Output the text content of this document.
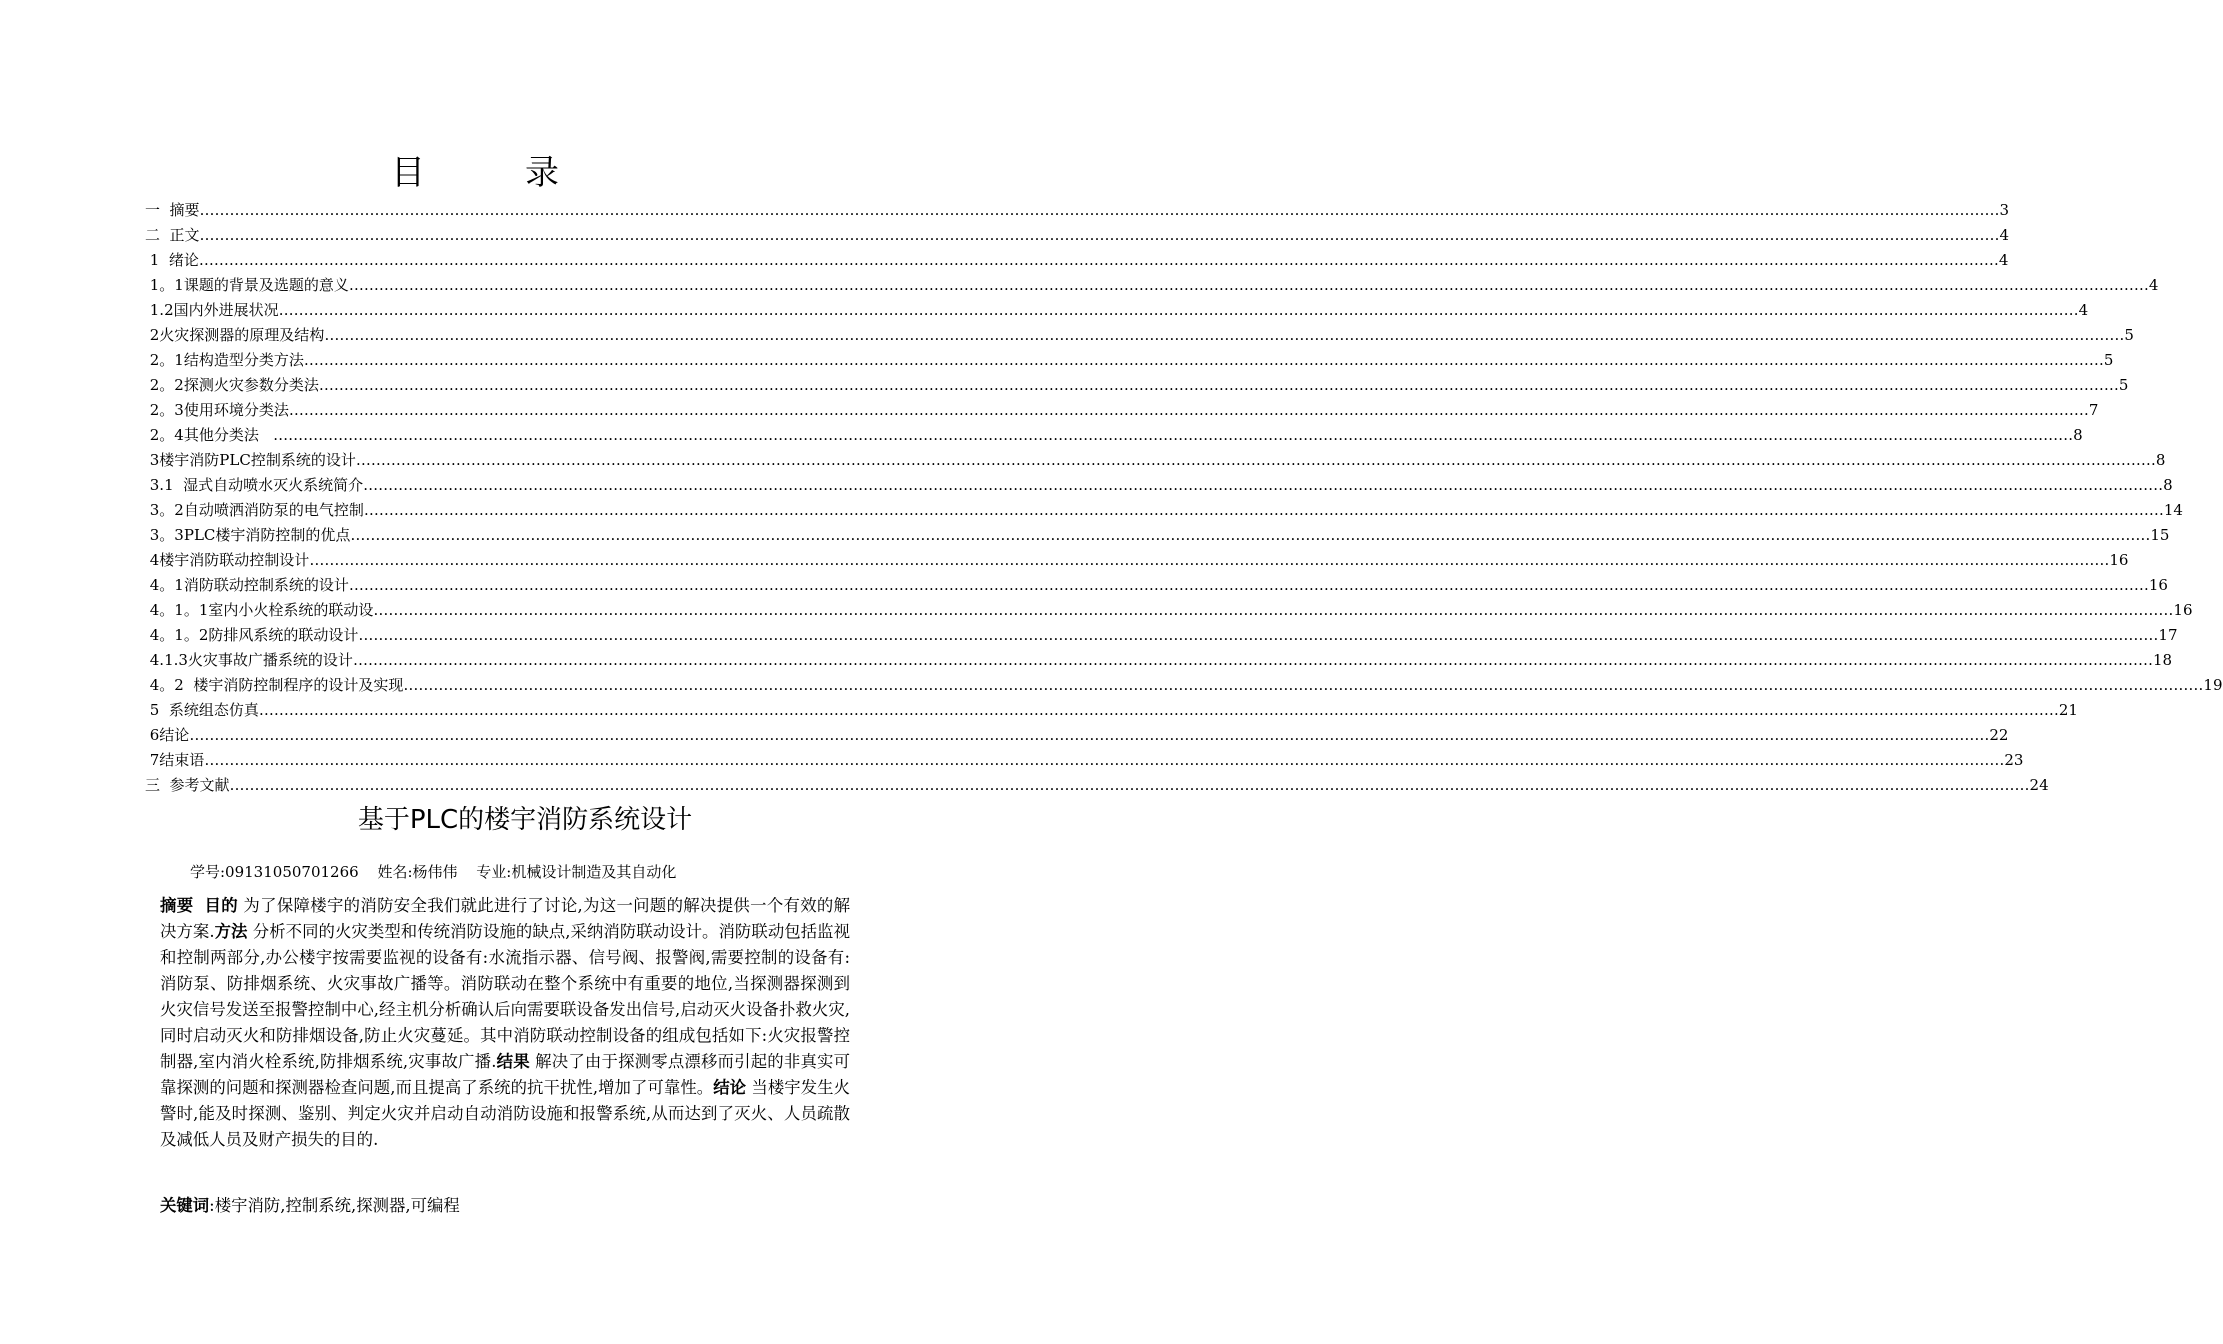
目录
一  摘要 ……………………………………………………………………………………………………………………………………………………………………………………………………………………………………………………………………………………………………………………………… 3
二  正文 ……………………………………………………………………………………………………………………………………………………………………………………………………………………………………………………………………………………………………………………………… 4
1  绪论 ……………………………………………………………………………………………………………………………………………………………………………………………………………………………………………………………………………………………………………………………… 4
1。1课题的背景及选题的意义 ……………………………………………………………………………………………………………………………………………………………………………………………………………………………………………………………………………………………………………………………… 4
1.2国内外进展状况 ……………………………………………………………………………………………………………………………………………………………………………………………………………………………………………………………………………………………………………………………… 4
2火灾探测器的原理及结构 ……………………………………………………………………………………………………………………………………………………………………………………………………………………………………………………………………………………………………………………………… 5
2。1结构造型分类方法 ……………………………………………………………………………………………………………………………………………………………………………………………………………………………………………………………………………………………………………………………… 5
2。2探测火灾参数分类法 ……………………………………………………………………………………………………………………………………………………………………………………………………………………………………………………………………………………………………………………………… 5
2。3使用环境分类法 ……………………………………………………………………………………………………………………………………………………………………………………………………………………………………………………………………………………………………………………………… 7
2。4其他分类法 ……………………………………………………………………………………………………………………………………………………………………………………………………………………………………………………………………………………………………………………………… 8
3楼宇消防PLC控制系统的设计 ……………………………………………………………………………………………………………………………………………………………………………………………………………………………………………………………………………………………………………………………… 8
3.1  湿式自动喷水灭火系统简介 ……………………………………………………………………………………………………………………………………………………………………………………………………………………………………………………………………………………………………………………………… 8
3。2自动喷洒消防泵的电气控制 ……………………………………………………………………………………………………………………………………………………………………………………………………………………………………………………………………………………………………………………………… 14
3。3PLC楼宇消防控制的优点 ……………………………………………………………………………………………………………………………………………………………………………………………………………………………………………………………………………………………………………………………… 15
4楼宇消防联动控制设计 ……………………………………………………………………………………………………………………………………………………………………………………………………………………………………………………………………………………………………………………………… 16
4。1消防联动控制系统的设计 ……………………………………………………………………………………………………………………………………………………………………………………………………………………………………………………………………………………………………………………………… 16
4。1。1室内小火栓系统的联动设 ……………………………………………………………………………………………………………………………………………………………………………………………………………………………………………………………………………………………………………………………… 16
4。1。2防排风系统的联动设计 ……………………………………………………………………………………………………………………………………………………………………………………………………………………………………………………………………………………………………………………………… 17
4.1.3火灾事故广播系统的设计 ……………………………………………………………………………………………………………………………………………………………………………………………………………………………………………………………………………………………………………………………… 18
4。2  楼宇消防控制程序的设计及实现 ……………………………………………………………………………………………………………………………………………………………………………………………………………………………………………………………………………………………………………………………… 19
5  系统组态仿真 ……………………………………………………………………………………………………………………………………………………………………………………………………………………………………………………………………………………………………………………………… 21
6结论 ……………………………………………………………………………………………………………………………………………………………………………………………………………………………………………………………………………………………………………………………… 22
7结束语 ……………………………………………………………………………………………………………………………………………………………………………………………………………………………………………………………………………………………………………………………… 23
三  参考文献 ……………………………………………………………………………………………………………………………………………………………………………………………………………………………………………………………………………………………………………………………… 24
基于PLC的楼宇消防系统设计
学号:09131050701266 姓名:杨伟伟 专业:机械设计制造及其自动化
摘要 目的 为了保障楼宇的消防安全我们就此进行了讨论,为这一问题的解决提供一个有效的解决方案.方法 分析不同的火灾类型和传统消防设施的缺点,采纳消防联动设计。消防联动包括监视和控制两部分,办公楼宇按需要监视的设备有:水流指示器、信号阀、报警阀,需要控制的设备有:消防泵、防排烟系统、火灾事故广播等。消防联动在整个系统中有重要的地位,当探测器探测到火灾信号发送至报警控制中心,经主机分析确认后向需要联设备发出信号,启动灭火设备扑救火灾,同时启动灭火和防排烟设备,防止火灾蔓延。其中消防联动控制设备的组成包括如下:火灾报警控制器,室内消火栓系统,防排烟系统,灾事故广播.结果 解决了由于探测零点漂移而引起的非真实可靠探测的问题和探测器检查问题,而且提高了系统的抗干扰性,增加了可靠性。结论 当楼宇发生火警时,能及时探测、鉴别、判定火灾并启动自动消防设施和报警系统,从而达到了灭火、人员疏散及减低人员及财产损失的目的.
关键词:楼宇消防,控制系统,探测器,可编程
